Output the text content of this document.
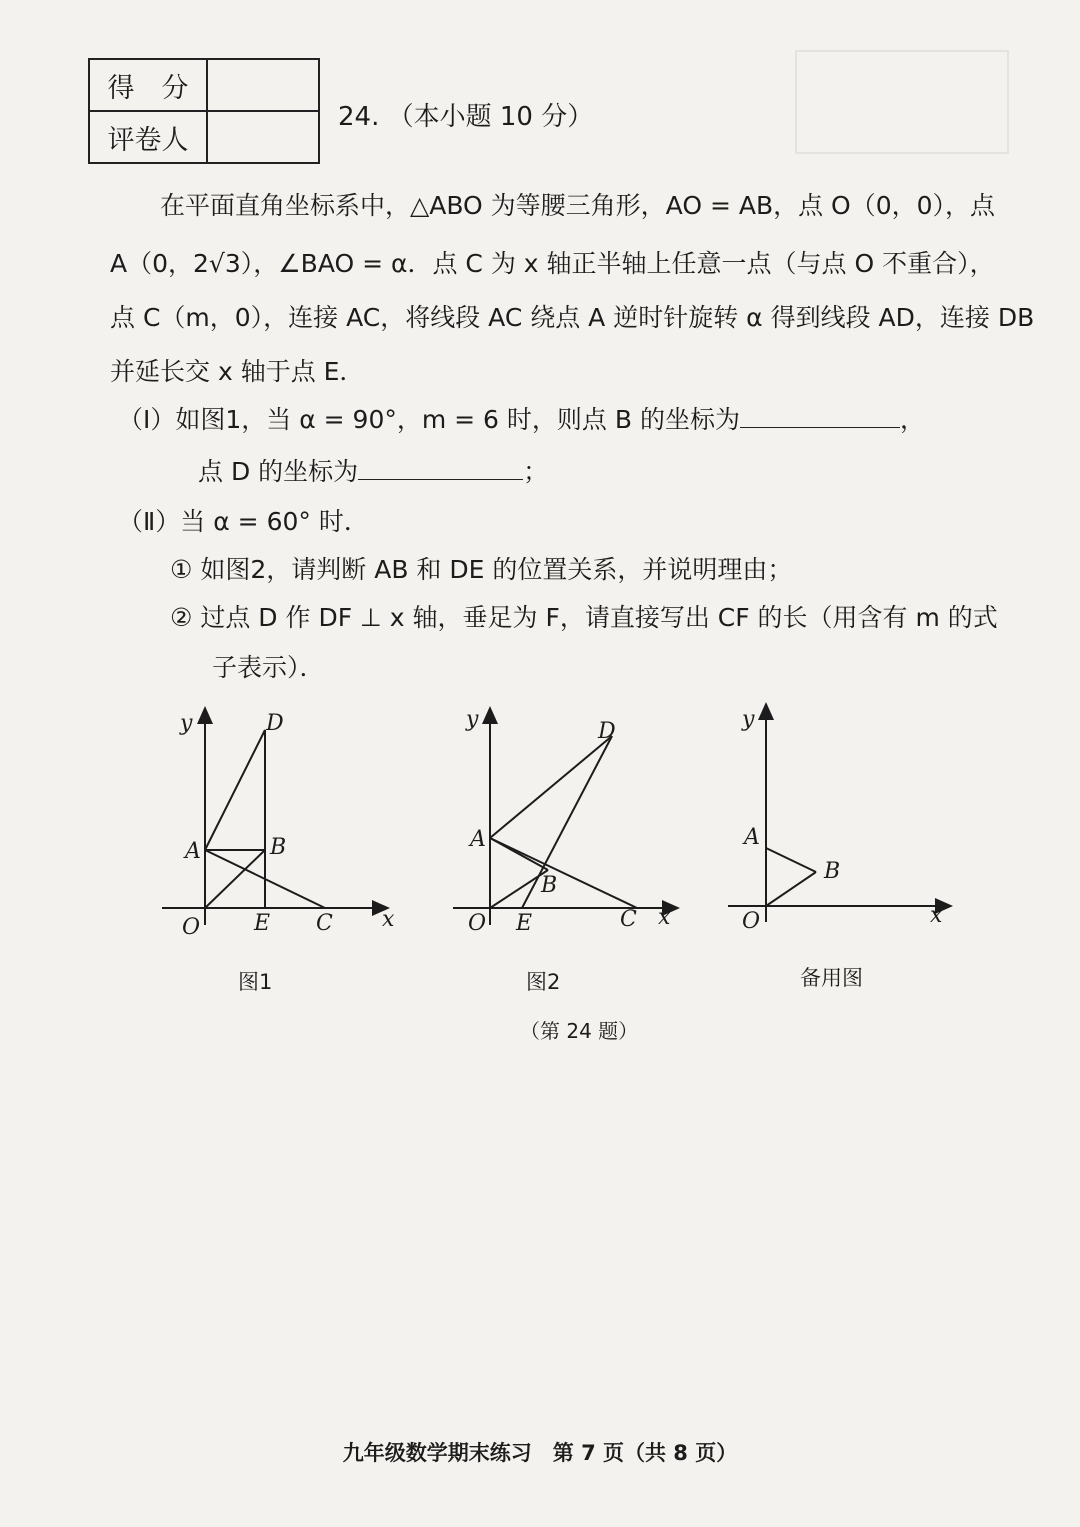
得　分	
评卷人	
24. （本小题 10 分）
在平面直角坐标系中，△ABO 为等腰三角形，AO = AB，点 O（0，0），点
A（0，2√3），∠BAO = α．点 C 为 x 轴正半轴上任意一点（与点 O 不重合），
点 C（m，0），连接 AC，将线段 AC 绕点 A 逆时针旋转 α 得到线段 AD，连接 DB
并延长交 x 轴于点 E．
（Ⅰ）如图1，当 α = 90°，m = 6 时，则点 B 的坐标为	，
点 D 的坐标为	；
（Ⅱ）当 α = 60° 时．
① 如图2，请判断 AB 和 DE 的位置关系，并说明理由；
② 过点 D 作 DF ⊥ x 轴，垂足为 F，请直接写出 CF 的长（用含有 m 的式
子表示）．

y	D
A	B
O E C x
y	D
A
B
O E	C x
y
A
B
O	x
图1	图2	备用图
（第 24 题）
九年级数学期末练习　第 7 页（共 8 页）
